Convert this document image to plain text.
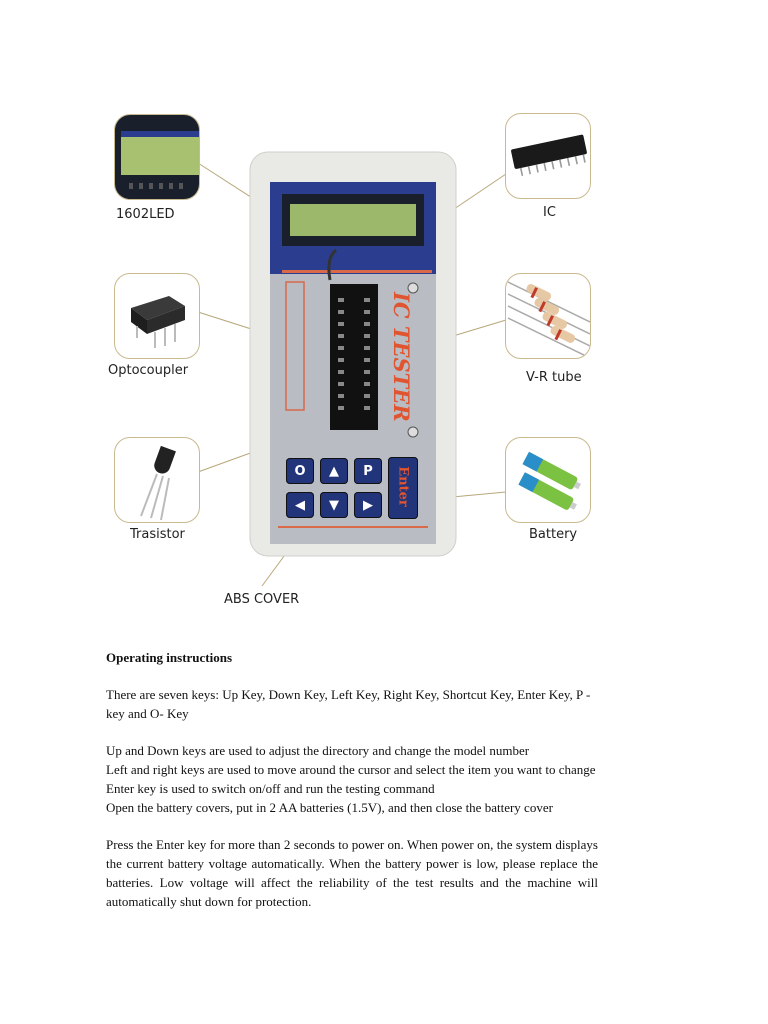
IC TESTER
O	▲	P
◀	▼	▶	Enter
1602LED	IC
Optocoupler	V-R tube
Trasistor	Battery
ABS COVER
Operating instructions

There are seven keys: Up Key, Down Key, Left Key, Right Key, Shortcut Key, Enter Key, P -key and O- Key

Up and Down keys are used to adjust the directory and change the model number

Left and right keys are used to move around the cursor and select the item you want to change

Enter key is used to switch on/off and run the testing command

Open the battery covers, put in 2 AA batteries (1.5V), and then close the battery cover

Press the Enter key for more than 2 seconds to power on. When power on, the system displays the current battery voltage automatically. When the battery power is low, please replace the batteries. Low voltage will affect the reliability of the test results and the machine will automatically shut down for protection.
